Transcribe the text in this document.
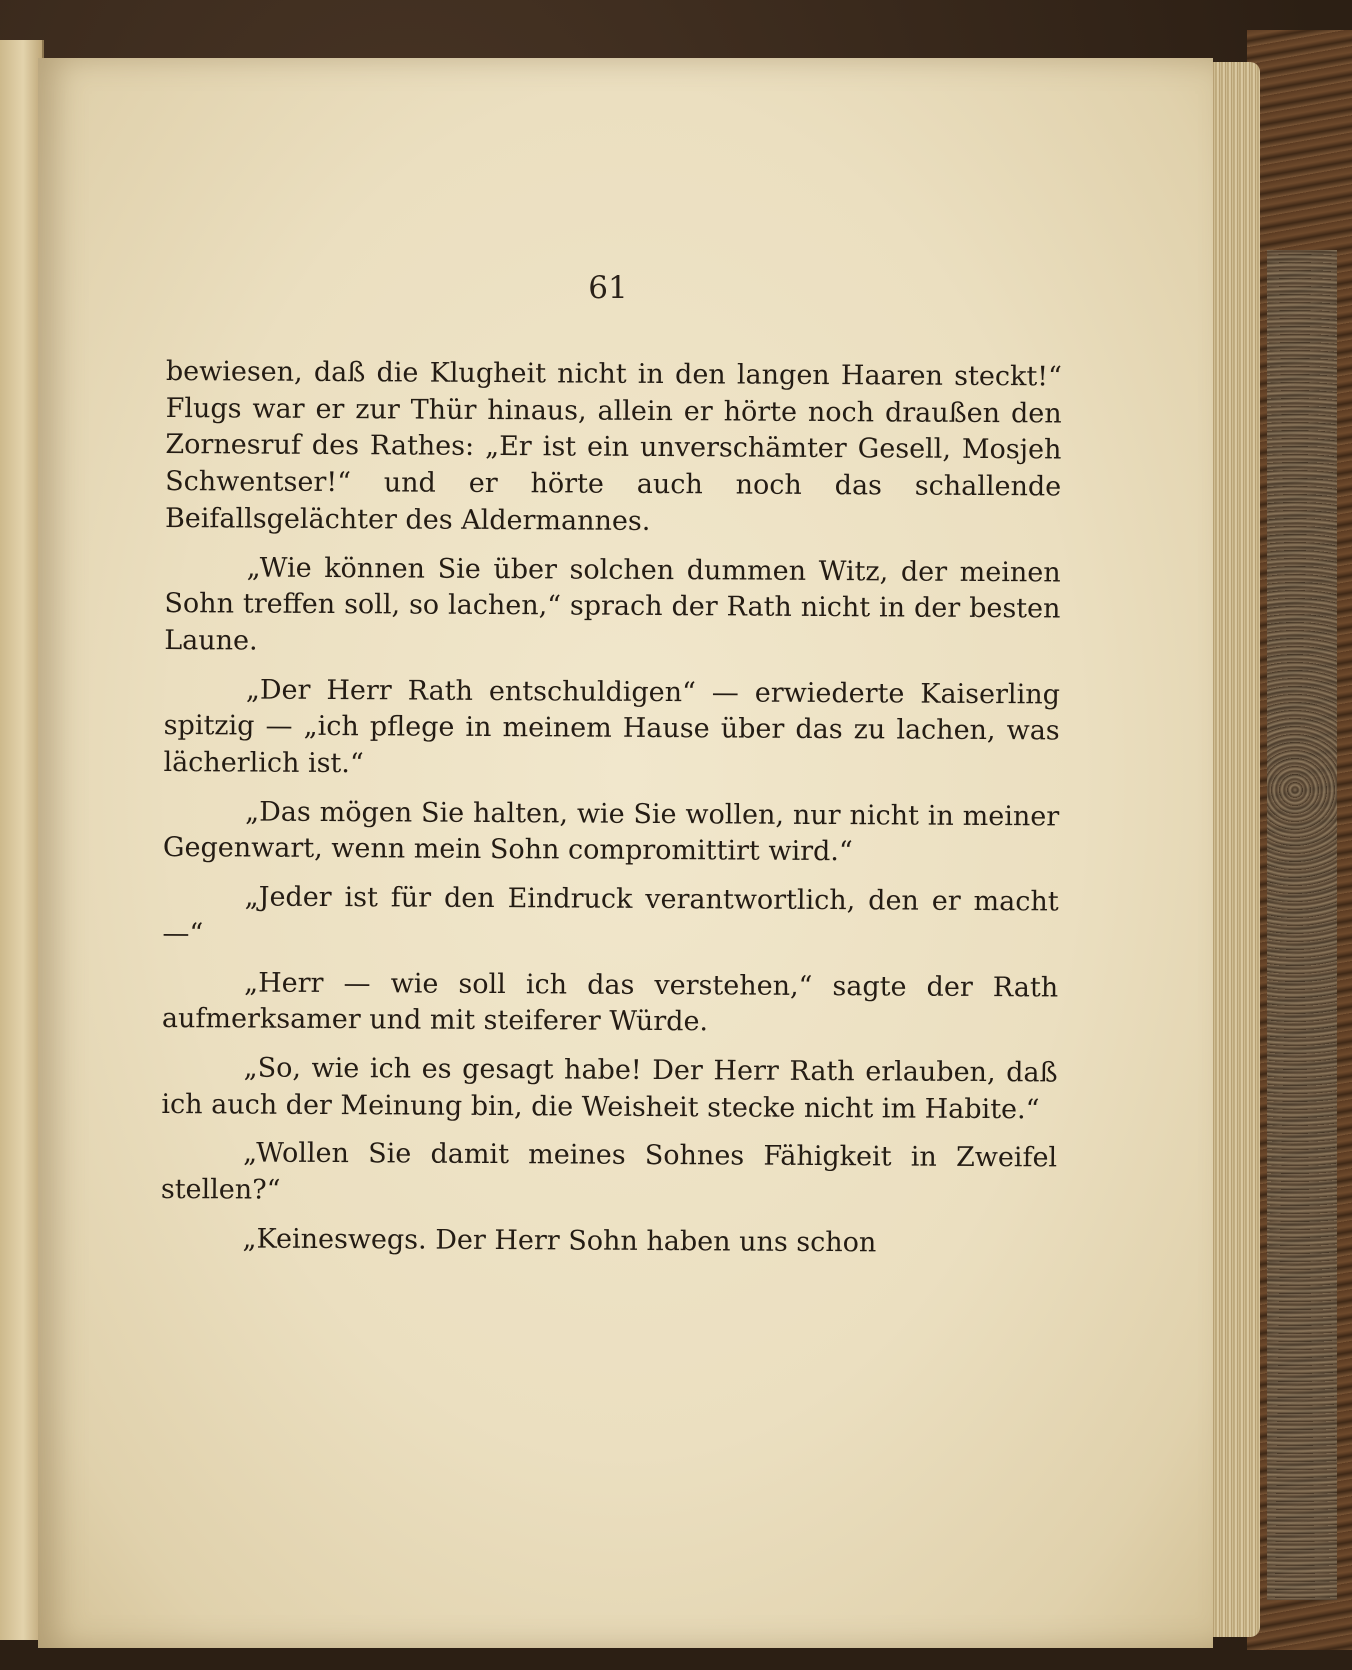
61

bewiesen, daß die Klugheit nicht in den langen Haaren steckt!“ Flugs war er zur Thür hinaus, allein er hörte noch draußen den Zornesruf des Rathes: „Er ist ein unverschämter Gesell, Mosjeh Schwentser!“ und er hörte auch noch das schallende Beifallsgelächter des Aldermannes.

„Wie können Sie über solchen dummen Witz, der meinen Sohn treffen soll, so lachen,“ sprach der Rath nicht in der besten Laune.

„Der Herr Rath entschuldigen“ — erwiederte Kaiserling spitzig — „ich pflege in meinem Hause über das zu lachen, was lächerlich ist.“

„Das mögen Sie halten, wie Sie wollen, nur nicht in meiner Gegenwart, wenn mein Sohn compromittirt wird.“

„Jeder ist für den Eindruck verantwortlich, den er macht —“

„Herr — wie soll ich das verstehen,“ sagte der Rath aufmerksamer und mit steiferer Würde.

„So, wie ich es gesagt habe! Der Herr Rath erlauben, daß ich auch der Meinung bin, die Weisheit stecke nicht im Habite.“

„Wollen Sie damit meines Sohnes Fähigkeit in Zweifel stellen?“

„Keineswegs. Der Herr Sohn haben uns schon
